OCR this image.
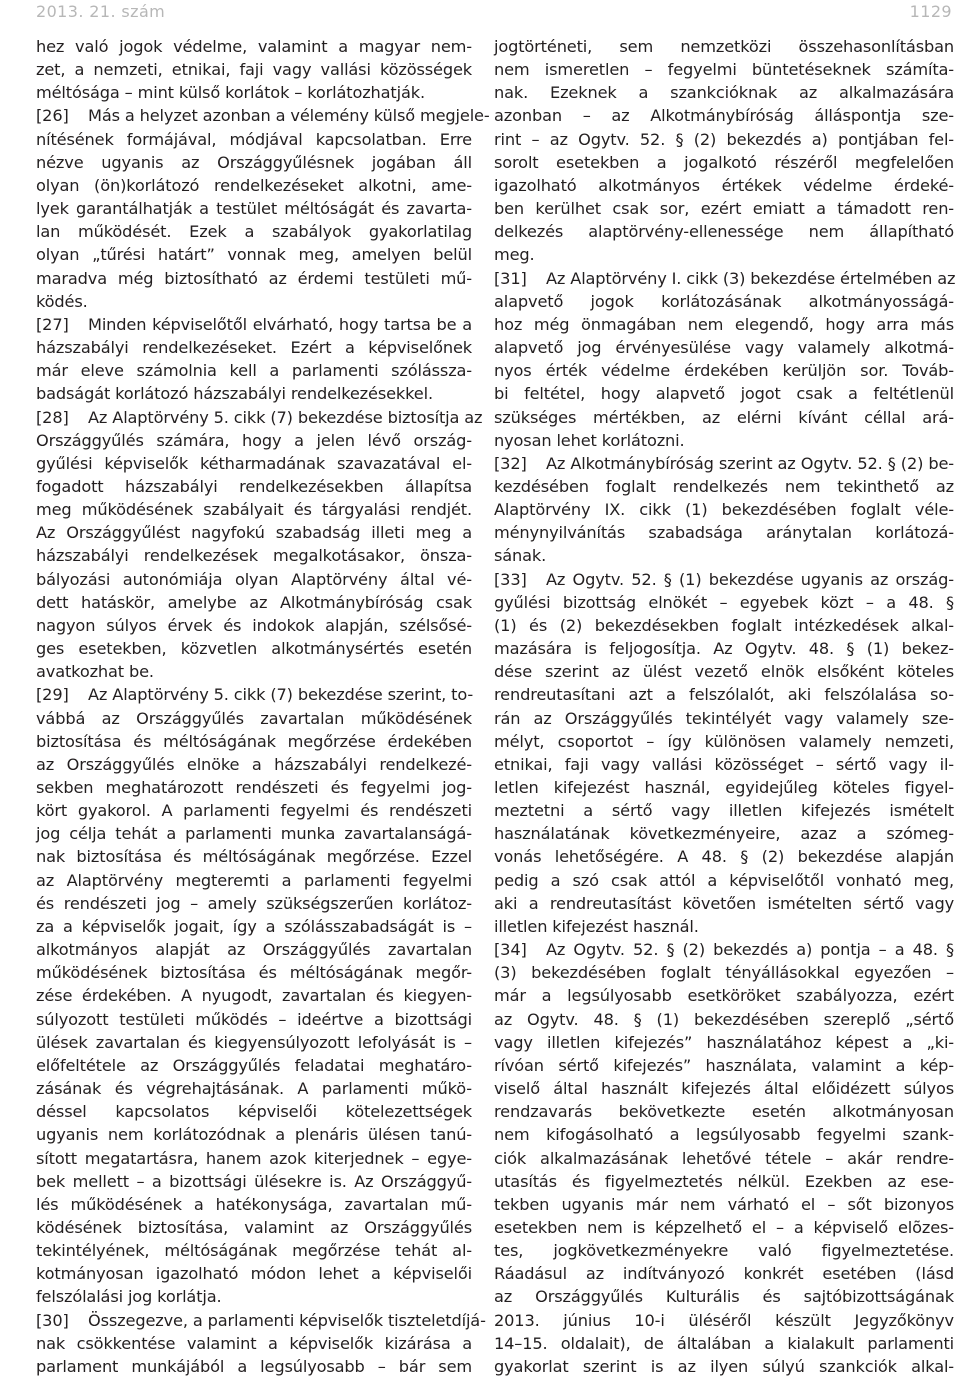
2013. 21. szám	1129
hez való jogok védelme, valamint a magyar nem-
zet, a nemzeti, etnikai, faji vagy vallási közösségek
méltósága – mint külső korlátok – korlátozhatják.
[26] Más a helyzet azonban a vélemény külső megjele-
nítésének formájával, módjával kapcsolatban. Erre
nézve ugyanis az Országgyűlésnek jogában áll
olyan (ön)korlátozó rendelkezéseket alkotni, ame-
lyek garantálhatják a testület méltóságát és zavarta-
lan működését. Ezek a szabályok gyakorlatilag
olyan „tűrési határt” vonnak meg, amelyen belül
maradva még biztosítható az érdemi testületi mű-
ködés.
[27] Minden képviselőtől elvárható, hogy tartsa be a
házszabályi rendelkezéseket. Ezért a képviselőnek
már eleve számolnia kell a parlamenti szólássza-
badságát korlátozó házszabályi rendelkezésekkel.
[28] Az Alaptörvény 5. cikk (7) bekezdése biztosítja az
Országgyűlés számára, hogy a jelen lévő ország-
gyűlési képviselők kétharmadának szavazatával el-
fogadott házszabályi rendelkezésekben állapítsa
meg működésének szabályait és tárgyalási rendjét.
Az Országgyűlést nagyfokú szabadság illeti meg a
házszabályi rendelkezések megalkotásakor, önsza-
bályozási autonómiája olyan Alaptörvény által vé-
dett hatáskör, amelybe az Alkotmánybíróság csak
nagyon súlyos érvek és indokok alapján, szélsősé-
ges esetekben, közvetlen alkotmánysértés esetén
avatkozhat be.
[29] Az Alaptörvény 5. cikk (7) bekezdése szerint, to-
vábbá az Országgyűlés zavartalan működésének
biztosítása és méltóságának megőrzése érdekében
az Országgyűlés elnöke a házszabályi rendelkezé-
sekben meghatározott rendészeti és fegyelmi jog-
kört gyakorol. A parlamenti fegyelmi és rendészeti
jog célja tehát a parlamenti munka zavartalanságá-
nak biztosítása és méltóságának megőrzése. Ezzel
az Alaptörvény megteremti a parlamenti fegyelmi
és rendészeti jog – amely szükségszerűen korlátoz-
za a képviselők jogait, így a szólásszabadságát is –
alkotmányos alapját az Országgyűlés zavartalan
működésének biztosítása és méltóságának megőr-
zése érdekében. A nyugodt, zavartalan és kiegyen-
súlyozott testületi működés – ideértve a bizottsági
ülések zavartalan és kiegyensúlyozott lefolyását is –
előfeltétele az Országgyűlés feladatai meghatáro-
zásának és végrehajtásának. A parlamenti műkö-
déssel kapcsolatos képviselői kötelezettségek
ugyanis nem korlátozódnak a plenáris ülésen tanú-
sított megatartásra, hanem azok kiterjednek – egye-
bek mellett – a bizottsági ülésekre is. Az Országgyű-
lés működésének a hatékonysága, zavartalan mű-
ködésének biztosítása, valamint az Országgyűlés
tekintélyének, méltóságának megőrzése tehát al-
kotmányosan igazolható módon lehet a képviselői
felszólalási jog korlátja.
[30] Összegezve, a parlamenti képviselők tiszteletdíjá-
nak csökkentése valamint a képviselők kizárása a
parlament munkájából a legsúlyosabb – bár sem
jogtörténeti, sem nemzetközi összehasonlításban
nem ismeretlen – fegyelmi büntetéseknek számíta-
nak. Ezeknek a szankcióknak az alkalmazására
azonban – az Alkotmánybíróság álláspontja sze-
rint – az Ogytv. 52. § (2) bekezdés a) pontjában fel-
sorolt esetekben a jogalkotó részéről megfelelően
igazolható alkotmányos értékek védelme érdeké-
ben kerülhet csak sor, ezért emiatt a támadott ren-
delkezés alaptörvény-ellenessége nem állapítható
meg.
[31] Az Alaptörvény I. cikk (3) bekezdése értelmében az
alapvető jogok korlátozásának alkotmányosságá-
hoz még önmagában nem elegendő, hogy arra más
alapvető jog érvényesülése vagy valamely alkotmá-
nyos érték védelme érdekében kerüljön sor. Továb-
bi feltétel, hogy alapvető jogot csak a feltétlenül
szükséges mértékben, az elérni kívánt céllal ará-
nyosan lehet korlátozni.
[32] Az Alkotmánybíróság szerint az Ogytv. 52. § (2) be-
kezdésében foglalt rendelkezés nem tekinthető az
Alaptörvény IX. cikk (1) bekezdésében foglalt véle-
ménynyilvánítás szabadsága aránytalan korlátozá-
sának.
[33] Az Ogytv. 52. § (1) bekezdése ugyanis az ország-
gyűlési bizottság elnökét – egyebek közt – a 48. §
(1) és (2) bekezdésekben foglalt intézkedések alkal-
mazására is feljogosítja. Az Ogytv. 48. § (1) bekez-
dése szerint az ülést vezető elnök elsőként köteles
rendreutasítani azt a felszólalót, aki felszólalása so-
rán az Országgyűlés tekintélyét vagy valamely sze-
mélyt, csoportot – így különösen valamely nemzeti,
etnikai, faji vagy vallási közösséget – sértő vagy il-
letlen kifejezést használ, egyidejűleg köteles figyel-
meztetni a sértő vagy illetlen kifejezés ismételt
használatának következményeire, azaz a szómeg-
vonás lehetőségére. A 48. § (2) bekezdése alapján
pedig a szó csak attól a képviselőtől vonható meg,
aki a rendreutasítást követően ismételten sértő vagy
illetlen kifejezést használ.
[34] Az Ogytv. 52. § (2) bekezdés a) pontja – a 48. §
(3) bekezdésében foglalt tényállásokkal egyezően –
már a legsúlyosabb esetköröket szabályozza, ezért
az Ogytv. 48. § (1) bekezdésében szereplő „sértő
vagy illetlen kifejezés” használatához képest a „ki-
rívóan sértő kifejezés” használata, valamint a kép-
viselő által használt kifejezés által előidézett súlyos
rendzavarás bekövetkezte esetén alkotmányosan
nem kifogásolható a legsúlyosabb fegyelmi szank-
ciók alkalmazásának lehetővé tétele – akár rendre-
utasítás és figyelmeztetés nélkül. Ezekben az ese-
tekben ugyanis már nem várható el – sőt bizonyos
esetekben nem is képzelhető el – a képviselő elõzes-
tes, jogkövetkezményekre való figyelmeztetése.
Ráadásul az indítványozó konkrét esetében (lásd
az Országgyűlés Kulturális és sajtóbizottságának
2013. június 10-i üléséről készült Jegyzőkönyv
14–15. oldalait), de általában a kialakult parlamenti
gyakorlat szerint is az ilyen súlyú szankciók alkal-
